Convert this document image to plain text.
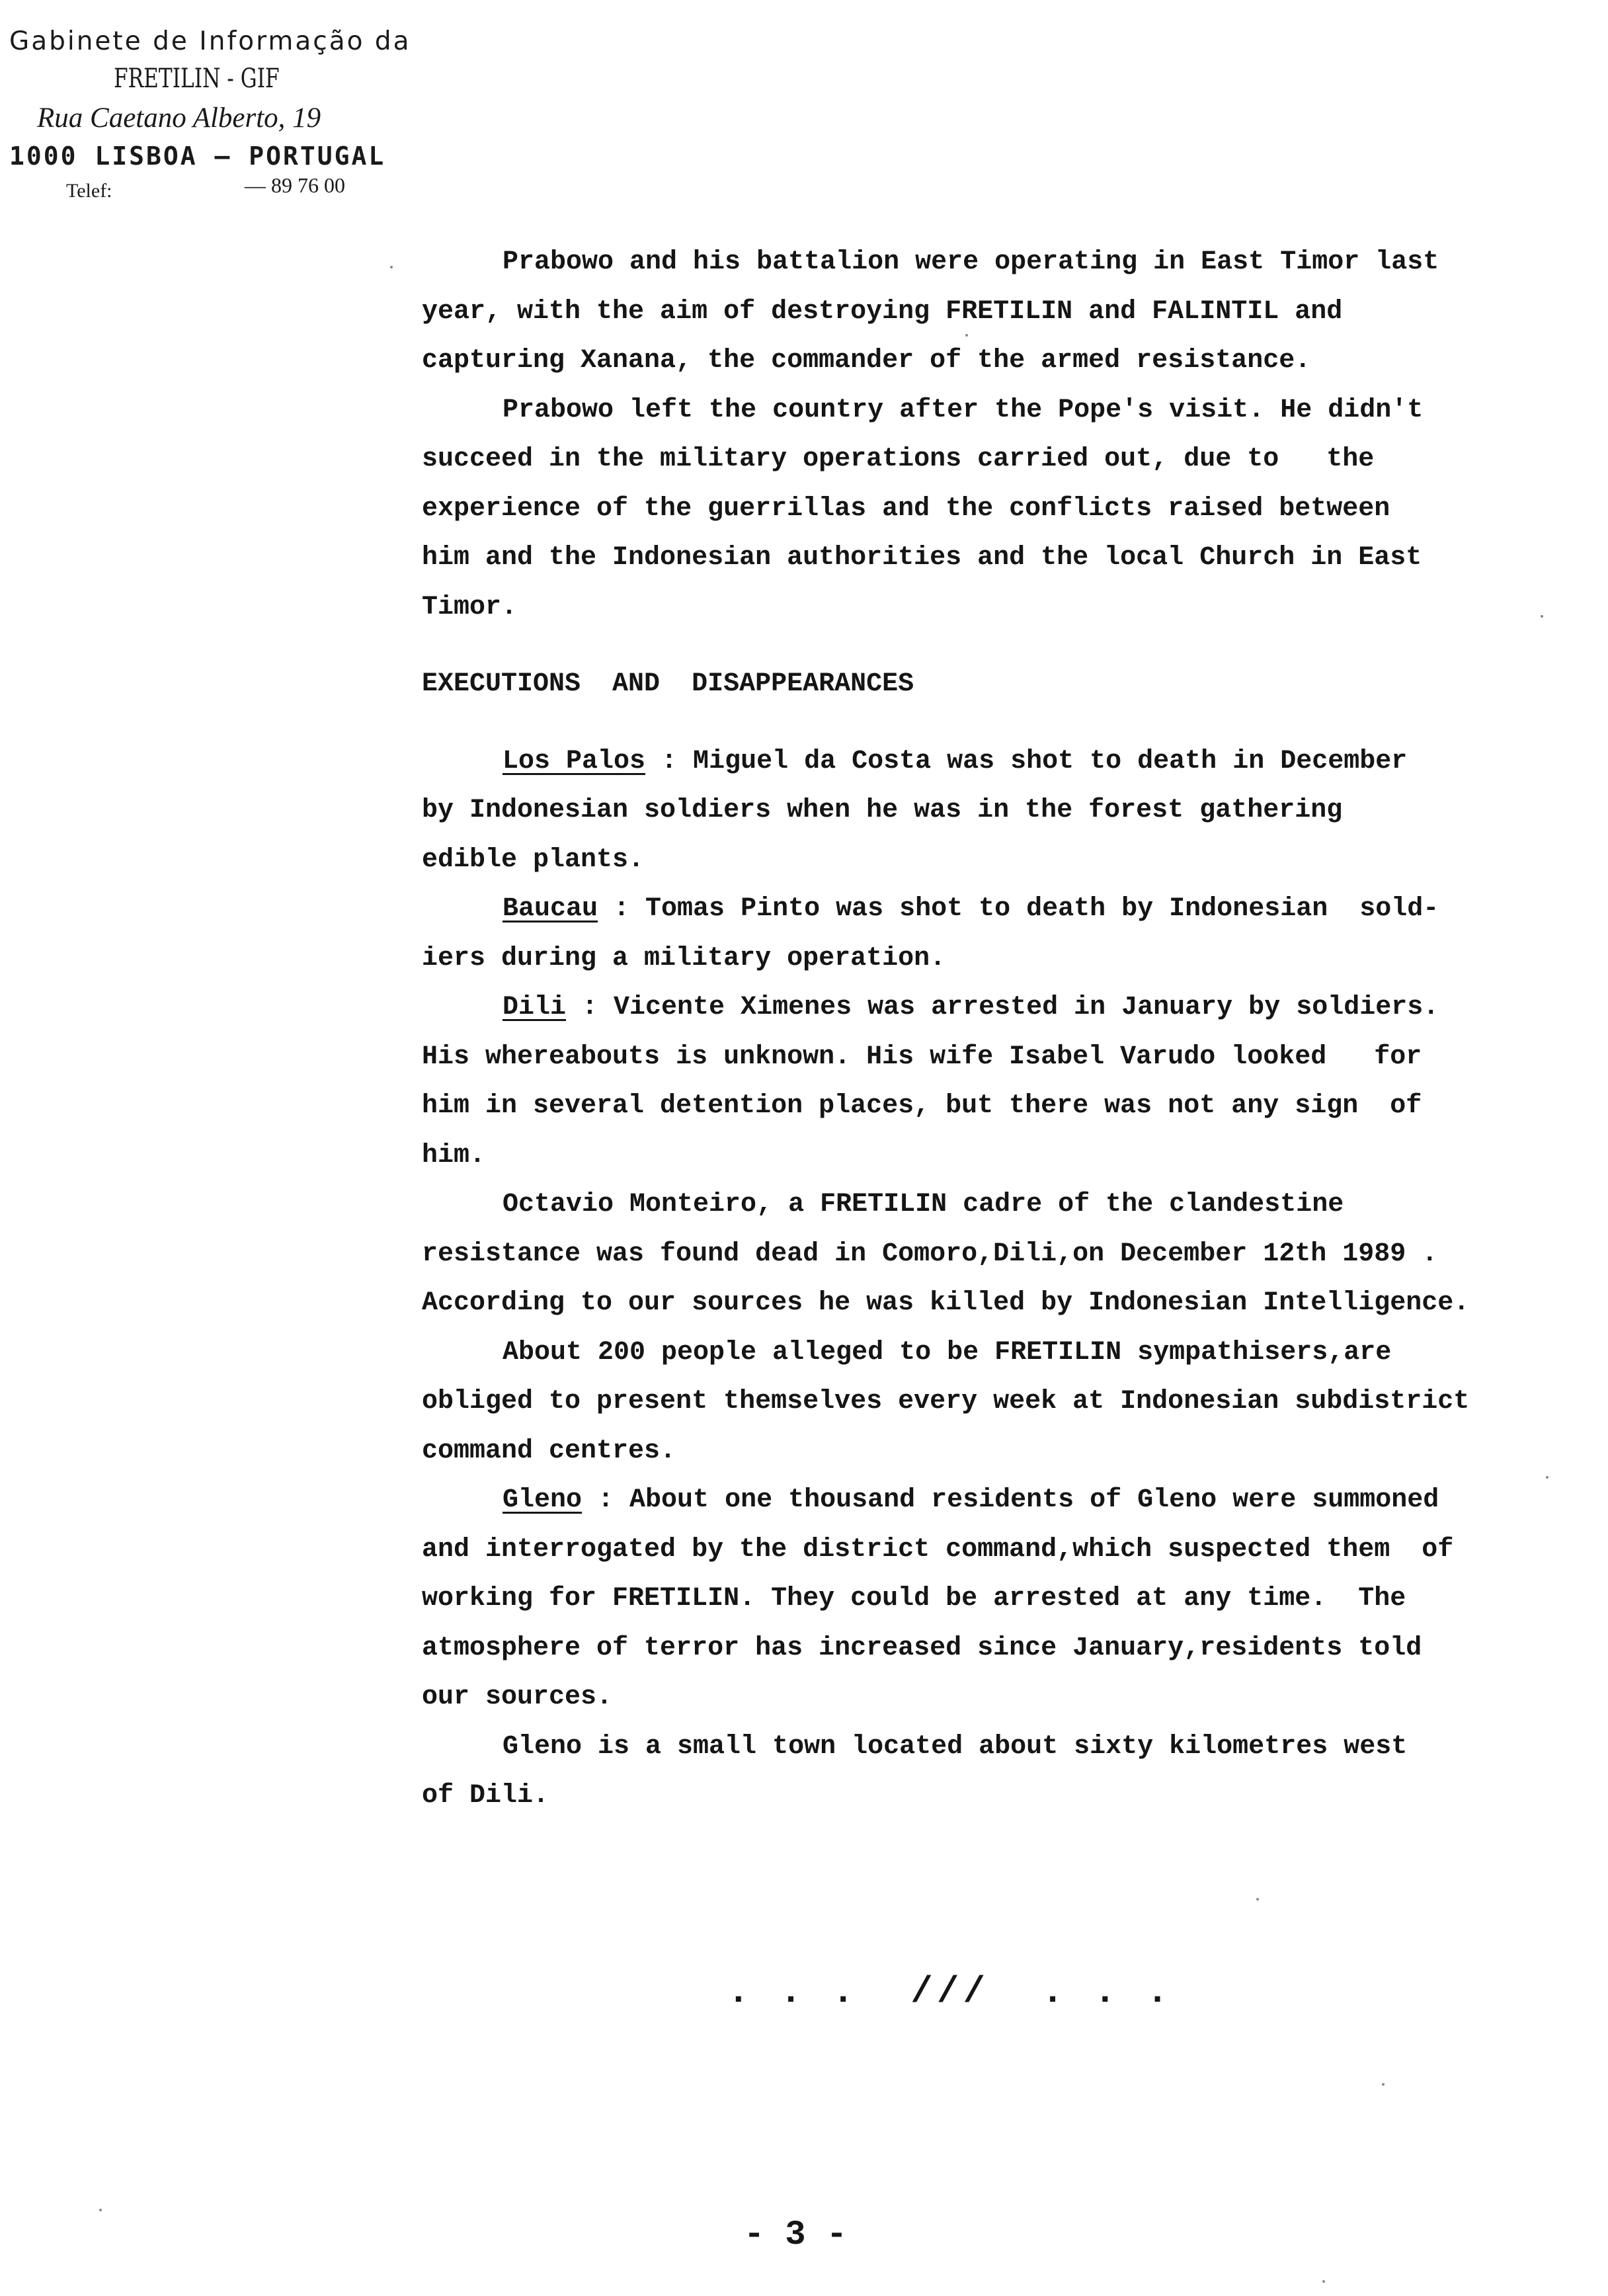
Gabinete de Informação da
FRETILIN - GIF
Rua Caetano Alberto, 19
1000 LISBOA — PORTUGAL
Telef:	— 89 76 00

Prabowo and his battalion were operating in East Timor last

year, with the aim of destroying FRETILIN and FALINTIL and

capturing Xanana, the commander of the armed resistance.

Prabowo left the country after the Pope's visit. He didn't

succeed in the military operations carried out, due to   the

experience of the guerrillas and the conflicts raised between

him and the Indonesian authorities and the local Church in East

Timor.

EXECUTIONS  AND  DISAPPEARANCES

Los Palos : Miguel da Costa was shot to death in December

by Indonesian soldiers when he was in the forest gathering

edible plants.

Baucau : Tomas Pinto was shot to death by Indonesian  sold-

iers during a military operation.

Dili : Vicente Ximenes was arrested in January by soldiers.

His whereabouts is unknown. His wife Isabel Varudo looked   for

him in several detention places, but there was not any sign  of

him.

Octavio Monteiro, a FRETILIN cadre of the clandestine

resistance was found dead in Comoro,Dili,on December 12th 1989 .

According to our sources he was killed by Indonesian Intelligence.

About 200 people alleged to be FRETILIN sympathisers,are

obliged to present themselves every week at Indonesian subdistrict

command centres.

Gleno : About one thousand residents of Gleno were summoned

and interrogated by the district command,which suspected them  of

working for FRETILIN. They could be arrested at any time.  The

atmosphere of terror has increased since January,residents told

our sources.

Gleno is a small town located about sixty kilometres west

of Dili.

. . .  ///  . . .
- 3 -
